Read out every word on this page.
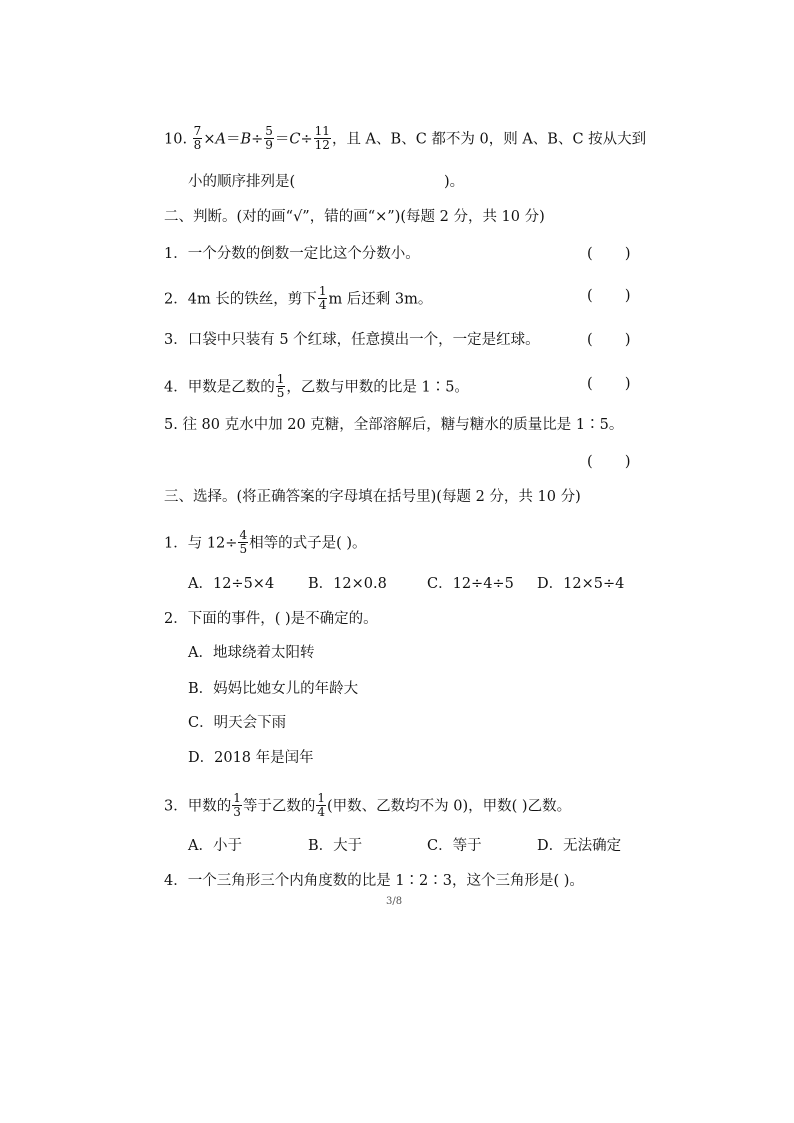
10. $\frac{7}{8} \times A=B\div \frac{5}{9} =C\div \frac{11}{12}$ ，且 A、B、C 都不为 0，则 A、B、C 按从大到
小的顺序排列是(	)。
二、判断。(对的画“√”，错的画“×”)(每题 2 分，共 10 分)
1．一个分数的倒数一定比这个分数小。	(       )
2．4m 长的铁丝，剪下 $\frac{1}{4}$ m 后还剩 3m。	(       )
3．口袋中只装有 5 个红球，任意摸出一个，一定是红球。	(       )
4．甲数是乙数的 $\frac{1}{5}$ ，乙数与甲数的比是 1∶5。	(       )
5. 往 80 克水中加 20 克糖，全部溶解后，糖与糖水的质量比是 1∶5。
(       )
三、选择。(将正确答案的字母填在括号里)(每题 2 分，共 10 分)
1．与 $12\div \frac{4}{5}$ 相等的式子是( )。
A．12÷5×4 B．12×0.8	C．12÷4÷5 D．12×5÷4
2．下面的事件，( )是不确定的。
A．地球绕着太阳转
B．妈妈比她女儿的年龄大
C．明天会下雨
D．2018 年是闰年
3．甲数的 $\frac{1}{3}$ 等于乙数的 $\frac{1}{4}$ (甲数、乙数均不为 0)，甲数( )乙数。
A．小于	B．大于	C．等于	D．无法确定
4．一个三角形三个内角度数的比是 1∶2∶3，这个三角形是( )。
3/8
